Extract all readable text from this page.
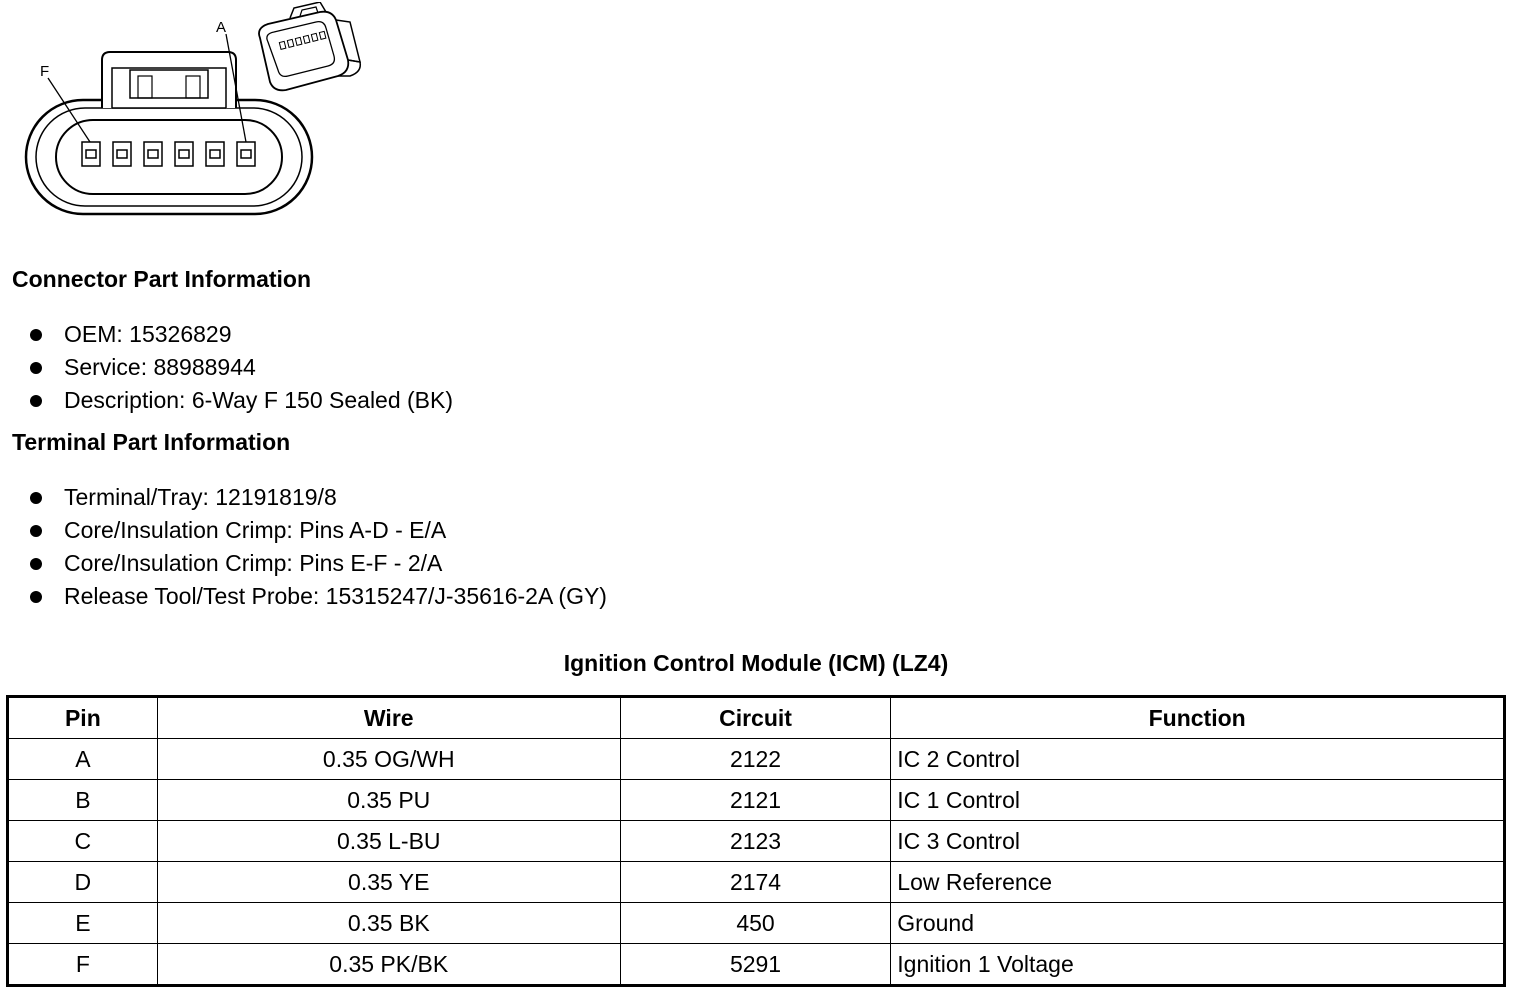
F
A
Connector Part Information
OEM: 15326829
Service: 88988944
Description: 6-Way F 150 Sealed (BK)
Terminal Part Information
Terminal/Tray: 12191819/8
Core/Insulation Crimp: Pins A-D - E/A
Core/Insulation Crimp: Pins E-F - 2/A
Release Tool/Test Probe: 15315247/J-35616-2A (GY)
Ignition Control Module (ICM) (LZ4)
Pin	Wire	Circuit	Function
A	0.35 OG/WH	2122	IC 2 Control
B	0.35 PU	2121	IC 1 Control
C	0.35 L-BU	2123	IC 3 Control
D	0.35 YE	2174	Low Reference
E	0.35 BK	450	Ground
F	0.35 PK/BK	5291	Ignition 1 Voltage
